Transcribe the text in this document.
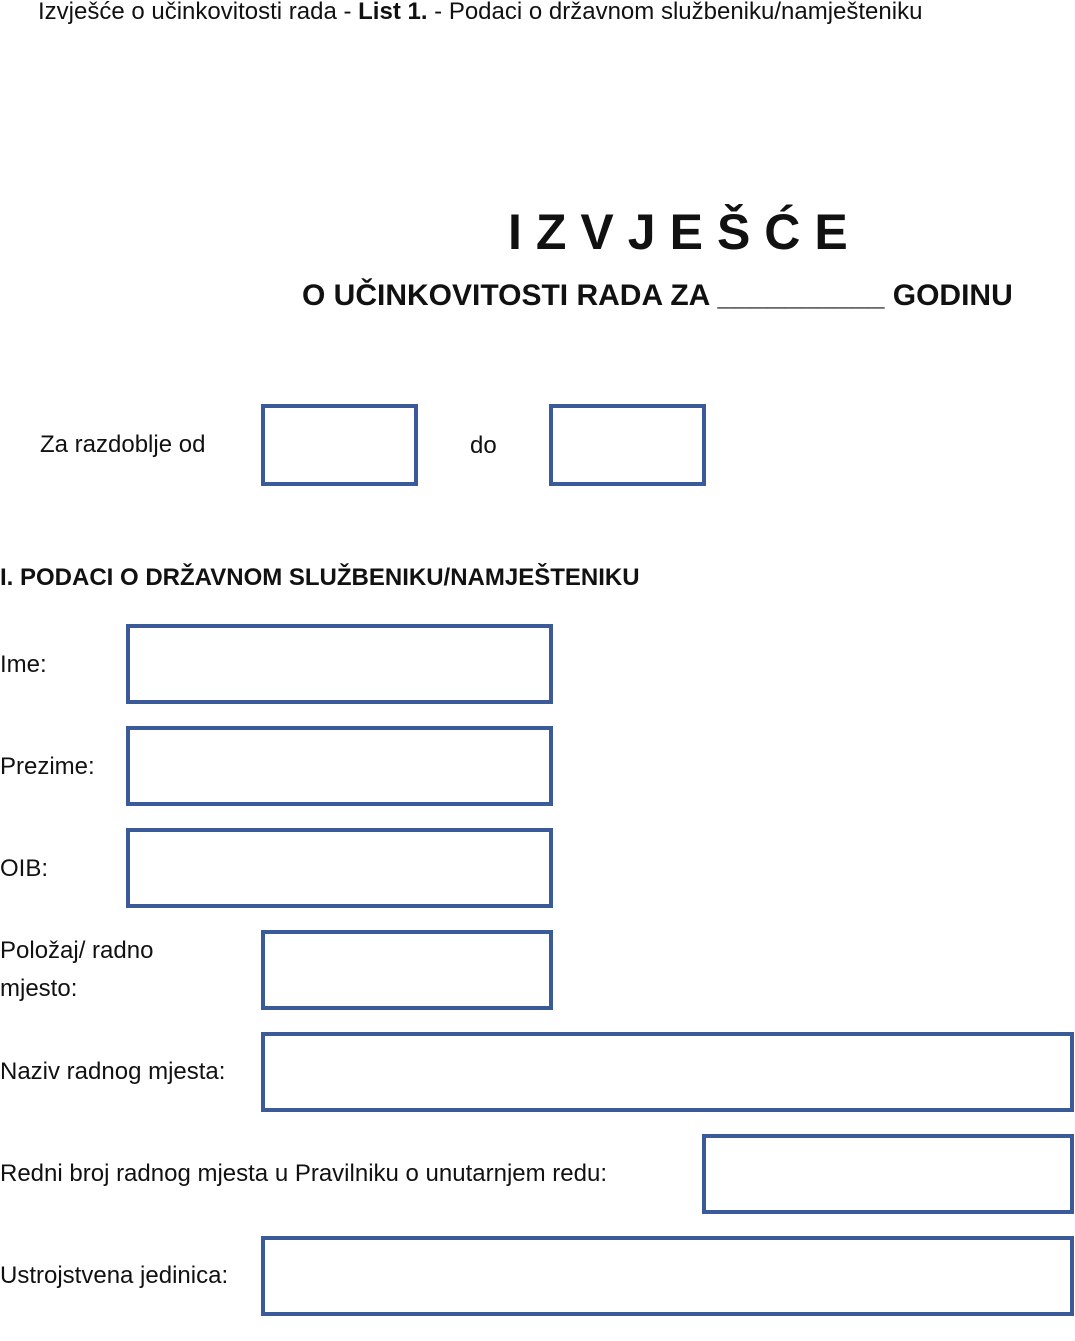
Izvješće o učinkovitosti rada - List 1. - Podaci o državnom službeniku/namješteniku
IZVJEŠĆE
O UČINKOVITOSTI RADA ZA __________ GODINU
Za razdoblje od	do
I. PODACI O DRŽAVNOM SLUŽBENIKU/NAMJEŠTENIKU
Ime:
Prezime:
OIB:
Položaj/ radno
mjesto:
Naziv radnog mjesta:
Redni broj radnog mjesta u Pravilniku o unutarnjem redu:
Ustrojstvena jedinica:
